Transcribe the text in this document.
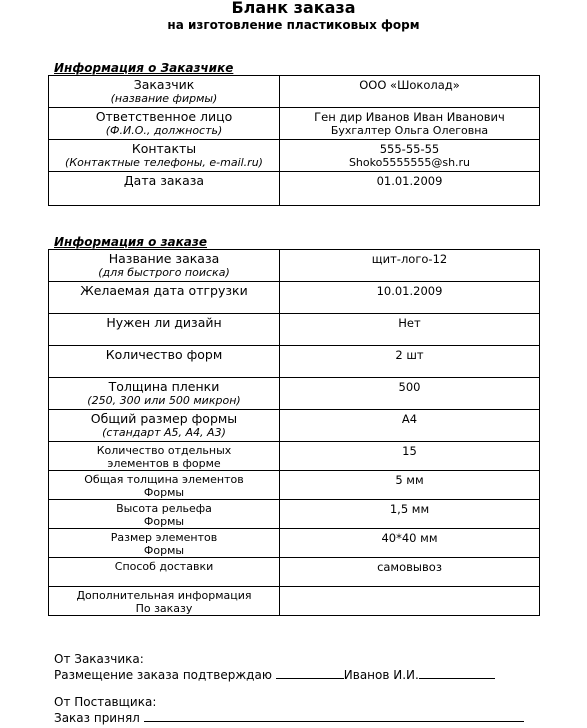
Бланк заказа
на изготовление пластиковых форм
Информация о Заказчике
Заказчик
(название фирмы)	ООО «Шоколад»

Ответственное лицо
(Ф.И.О., должность)	Ген дир Иванов Иван Иванович
Бухгалтер Ольга Олеговна

Контакты
(Контактные телефоны, e-mail.ru)	555-55-55
Shoko5555555@sh.ru

Дата заказа	01.01.2009
Информация о заказе
Название заказа
(для быстрого поиска)	щит-лого-12

Желаемая дата отгрузки	10.01.2009

Нужен ли дизайн	Нет

Количество форм	2 шт

Толщина пленки
(250, 300 или 500 микрон)	500

Общий размер формы
(стандарт А5, А4, А3)	А4

Количество отдельных
элементов в форме	15

Общая толщина элементов
Формы	5 мм

Высота рельефа
Формы	1,5 мм

Размер элементов
Формы	40*40 мм

Способ доставки	самовывоз

Дополнительная информация
По заказу	

От Заказчика:
Размещение заказа подтверждаю	Иванов И.И.
От Поставщика:
Заказ принял
